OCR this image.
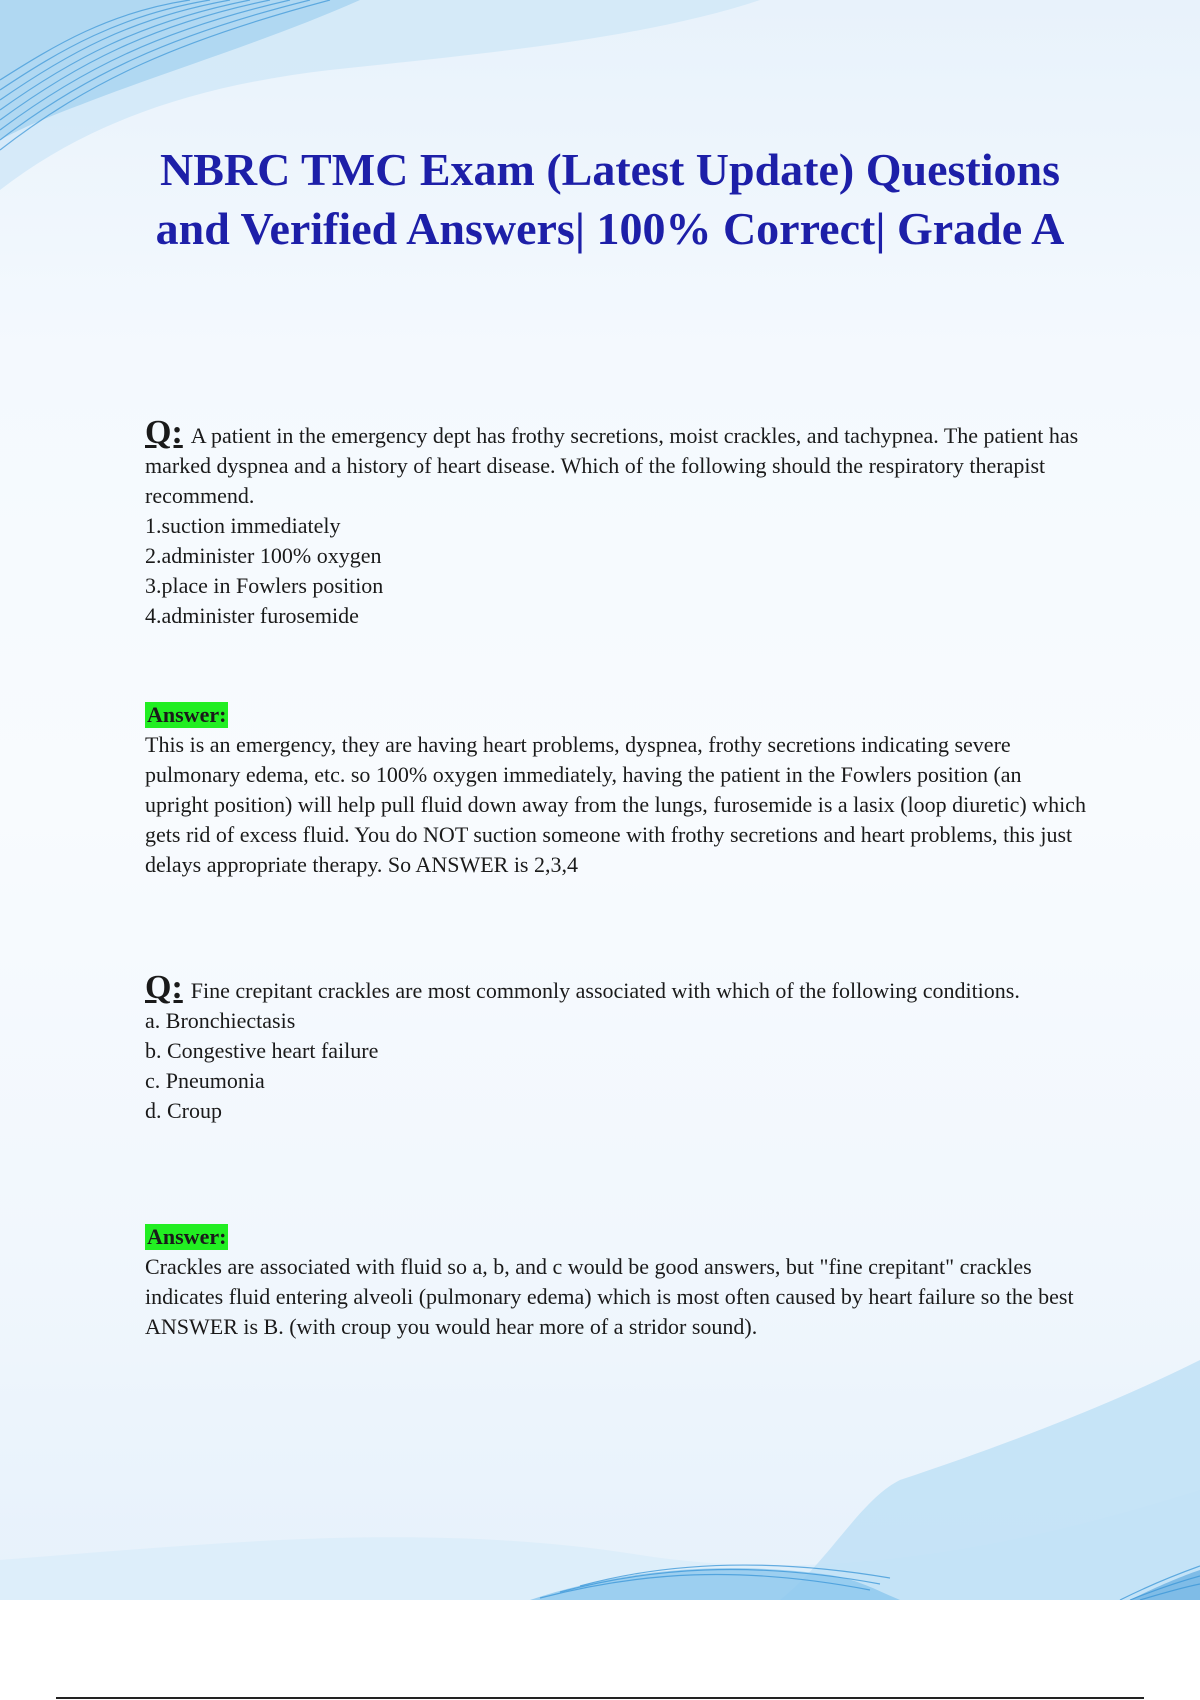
NBRC TMC Exam (Latest Update) Questions and Verified Answers| 100% Correct| Grade A

Q: A patient in the emergency dept has frothy secretions, moist crackles, and tachypnea. The patient has marked dyspnea and a history of heart disease. Which of the following should the respiratory therapist recommend.

1.suction immediately
2.administer 100% oxygen
3.place in Fowlers position
4.administer furosemide
Answer:

This is an emergency, they are having heart problems, dyspnea, frothy secretions indicating severe pulmonary edema, etc. so 100% oxygen immediately, having the patient in the Fowlers position (an upright position) will help pull fluid down away from the lungs, furosemide is a lasix (loop diuretic) which gets rid of excess fluid. You do NOT suction someone with frothy secretions and heart problems, this just delays appropriate therapy. So ANSWER is 2,3,4

Q: Fine crepitant crackles are most commonly associated with which of the following conditions.

a. Bronchiectasis
b. Congestive heart failure
c. Pneumonia
d. Croup
Answer:

Crackles are associated with fluid so a, b, and c would be good answers, but "fine crepitant" crackles indicates fluid entering alveoli (pulmonary edema) which is most often caused by heart failure so the best ANSWER is B. (with croup you would hear more of a stridor sound).
